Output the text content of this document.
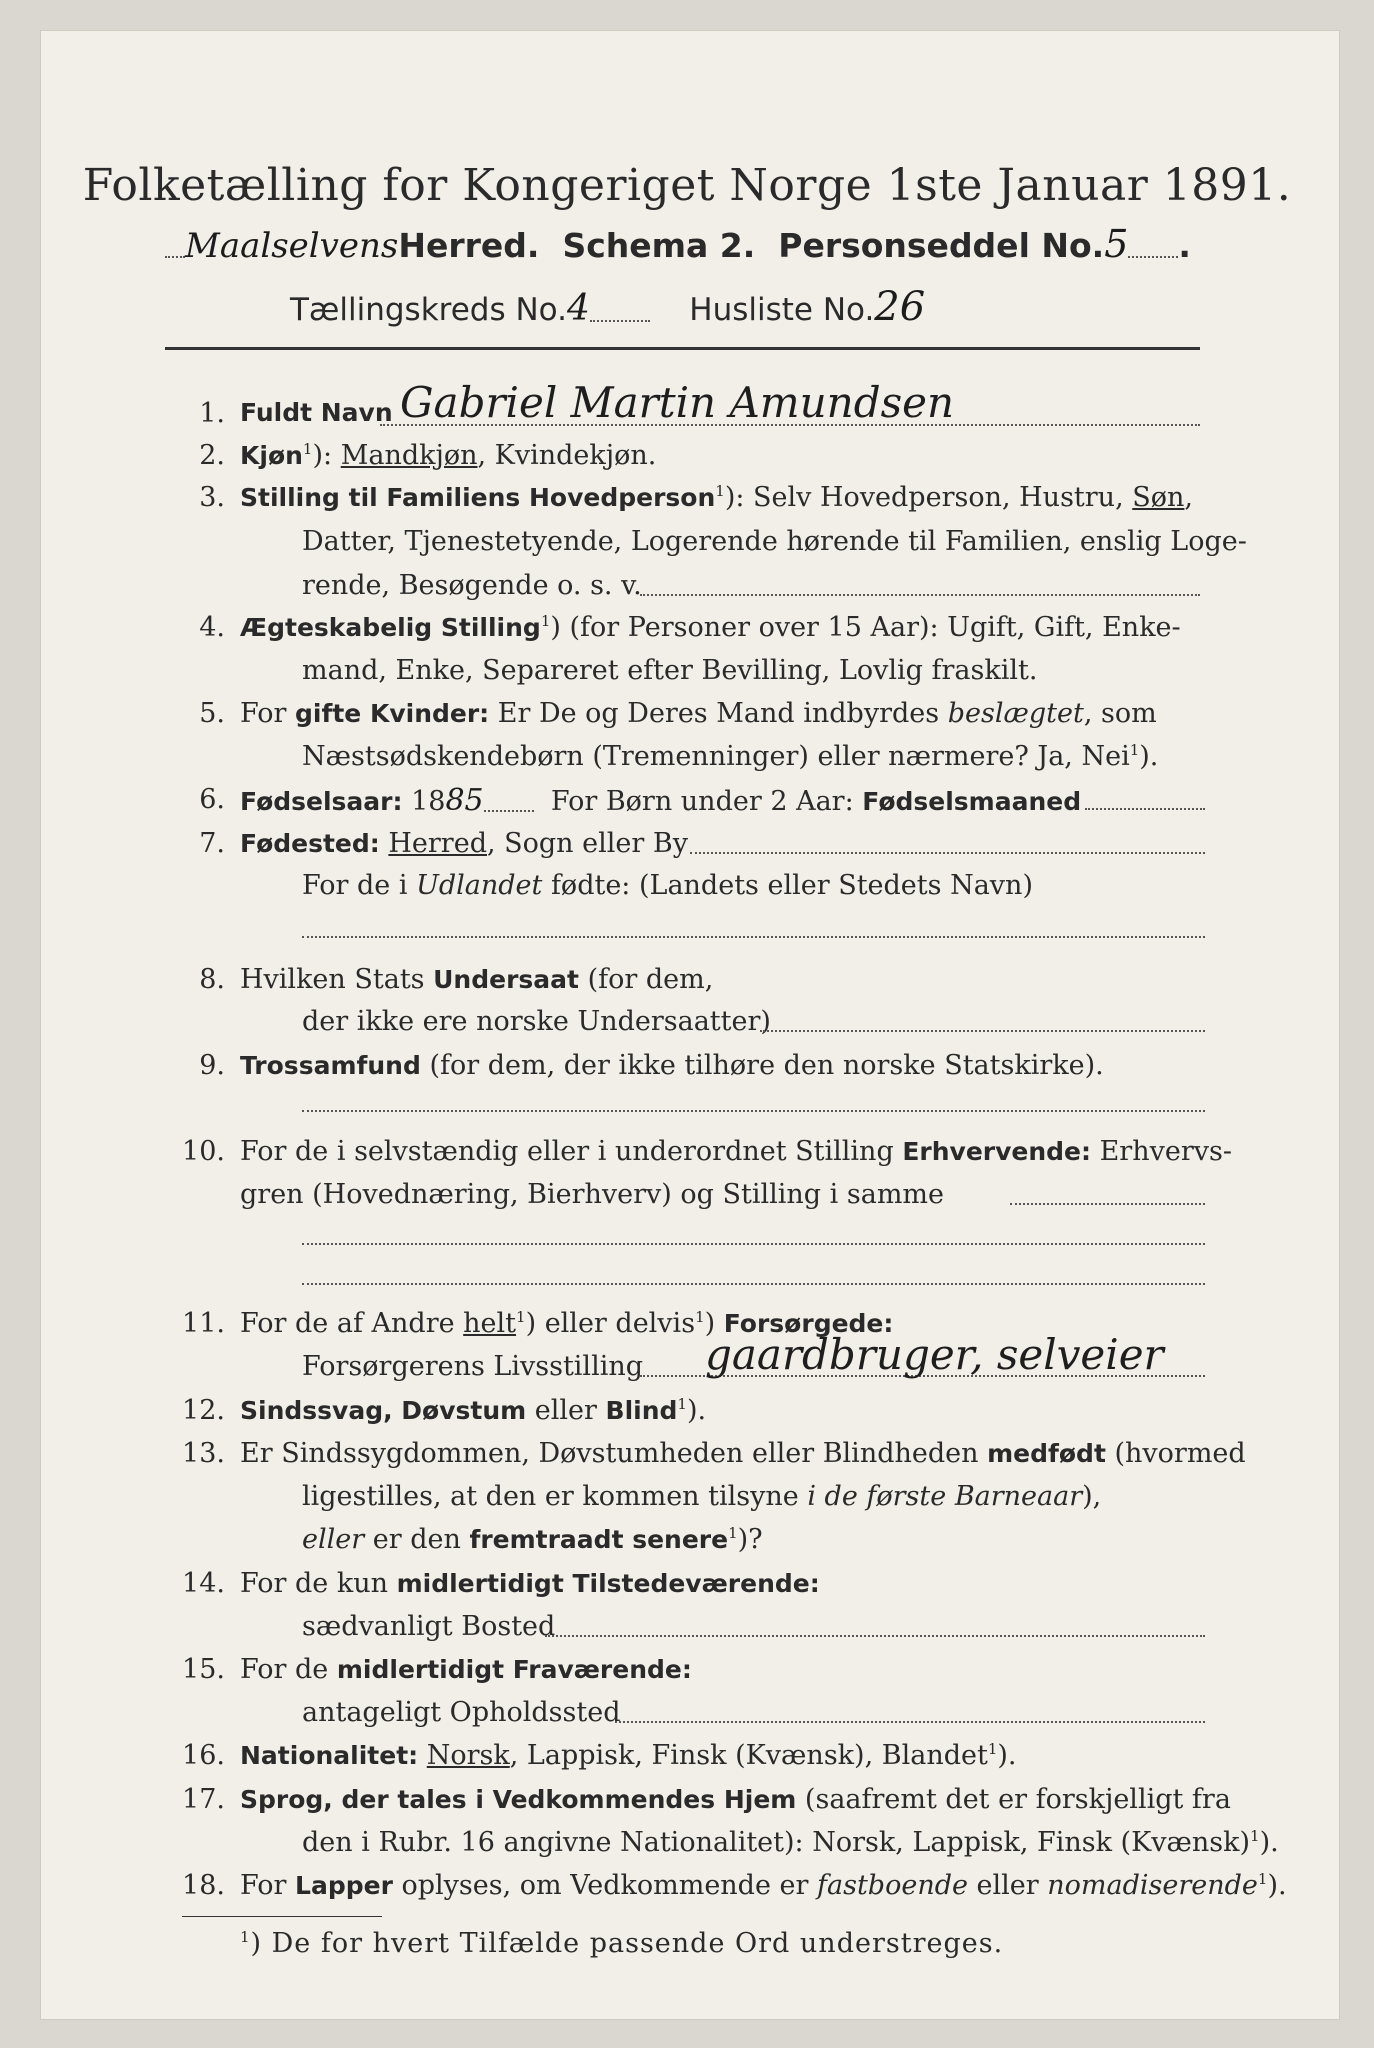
Folketælling for Kongeriget Norge 1ste Januar 1891.
MaalselvensHerred. Schema 2. Personseddel No.5 .
Tællingskreds No.4	Husliste No.26
1. Fuldt Navn Gabriel Martin Amundsen
2. Kjøn$^1$): Mandkjøn, Kvindekjøn.
3. Stilling til Familiens Hovedperson$^1$): Selv Hovedperson, Hustru, Søn,
Datter, Tjenestetyende, Logerende hørende til Familien, enslig Loge-
rende, Besøgende o. s. v.
4. Ægteskabelig Stilling$^1$) (for Personer over 15 Aar): Ugift, Gift, Enke-
mand, Enke, Separeret efter Bevilling, Lovlig fraskilt.
5. For gifte Kvinder: Er De og Deres Mand indbyrdes beslægtet, som
Næstsødskendebørn (Tremenninger) eller nærmere? Ja, Nei$^1$).
6. Fødselsaar: 1885 For Børn under 2 Aar: Fødselsmaaned
7. Fødested: Herred, Sogn eller By
For de i Udlandet fødte: (Landets eller Stedets Navn)
8. Hvilken Stats Undersaat (for dem,
der ikke ere norske Undersaatter)
9. Trossamfund (for dem, der ikke tilhøre den norske Statskirke).
10. For de i selvstændig eller i underordnet Stilling Erhvervende: Erhvervs-
gren (Hovednæring, Bierhverv) og Stilling i samme
11. For de af Andre helt$^1$) eller delvis$^1$) Forsørgede:
Forsørgerens Livsstilling gaardbruger, selveier
12. Sindssvag, Døvstum eller Blind$^1$).
13. Er Sindssygdommen, Døvstumheden eller Blindheden medfødt (hvormed
ligestilles, at den er kommen tilsyne i de første Barneaar),
eller er den fremtraadt senere$^1$)?
14. For de kun midlertidigt Tilstedeværende:
sædvanligt Bosted
15. For de midlertidigt Fraværende:
antageligt Opholdssted
16. Nationalitet: Norsk, Lappisk, Finsk (Kvænsk), Blandet$^1$).
17. Sprog, der tales i Vedkommendes Hjem (saafremt det er forskjelligt fra
den i Rubr. 16 angivne Nationalitet): Norsk, Lappisk, Finsk (Kvænsk)$^1$).
18. For Lapper oplyses, om Vedkommende er fastboende eller nomadiserende$^1$).
$^1$) De for hvert Tilfælde passende Ord understreges.
